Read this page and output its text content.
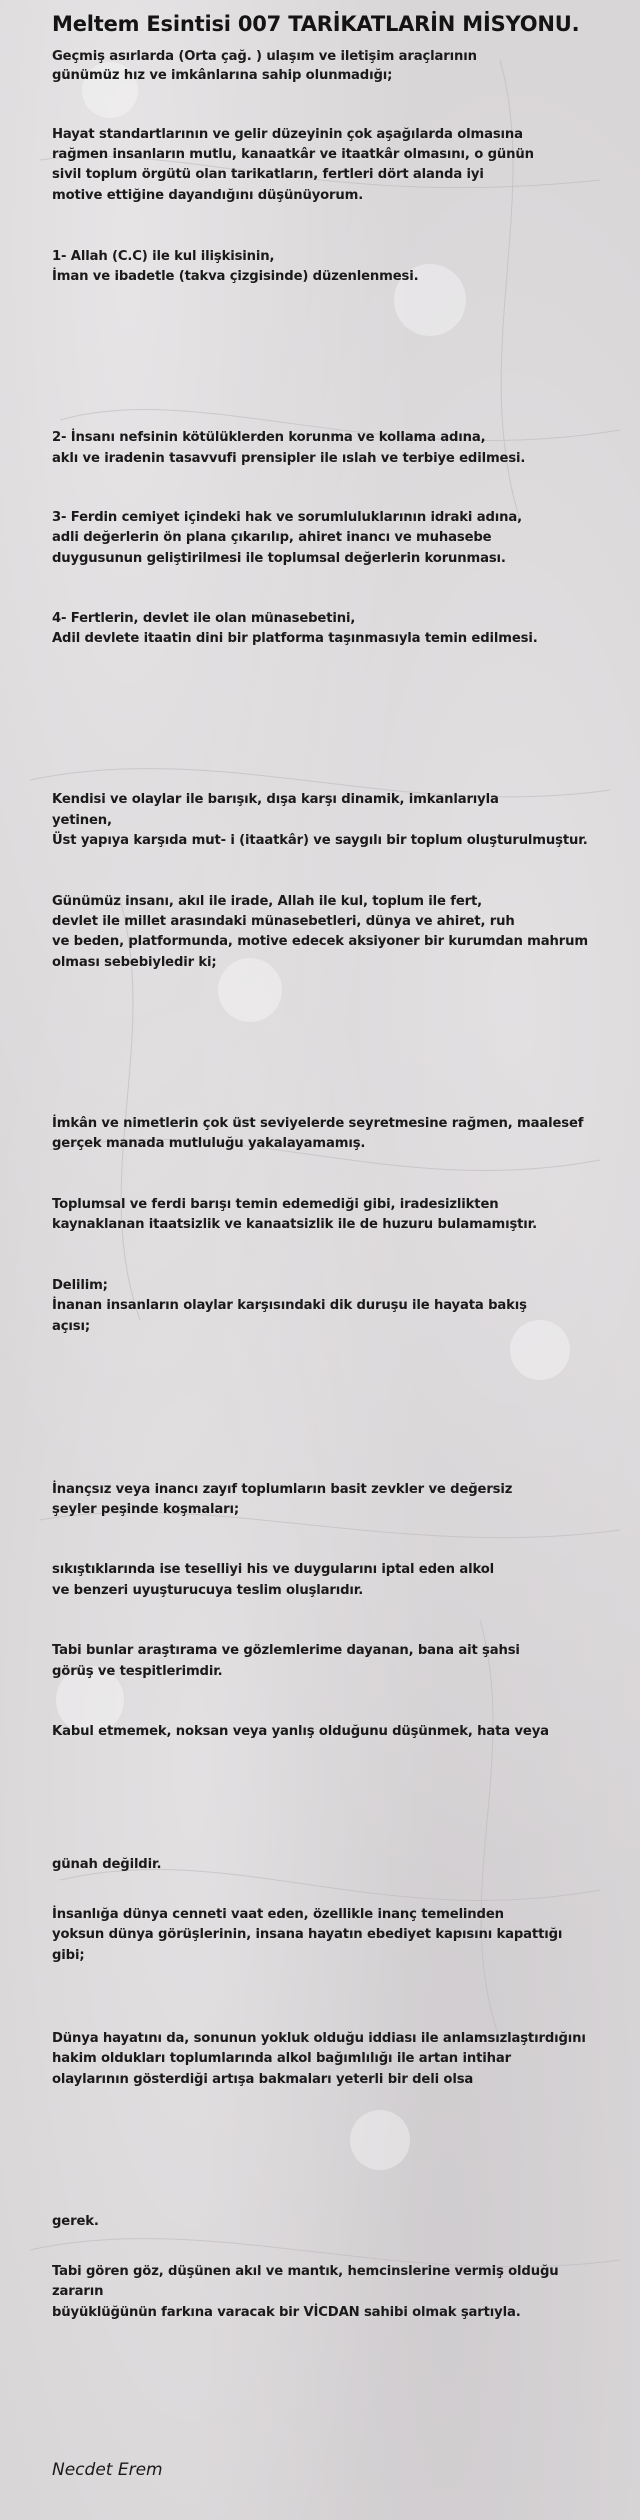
Meltem Esintisi 007 TARİKATLARİN MİSYONU.
Geçmiş asırlarda (Orta çağ. ) ulaşım ve iletişim araçlarının
günümüz hız ve imkânlarına sahip olunmadığı;
Hayat standartlarının ve gelir düzeyinin çok aşağılarda olmasına
rağmen insanların mutlu, kanaatkâr ve itaatkâr olmasını, o günün
sivil toplum örgütü olan tarikatların, fertleri dört alanda iyi
motive ettiğine dayandığını düşünüyorum.
1- Allah (C.C) ile kul ilişkisinin,
İman ve ibadetle (takva çizgisinde) düzenlenmesi.
2- İnsanı nefsinin kötülüklerden korunma ve kollama adına,
aklı ve iradenin tasavvufi prensipler ile ıslah ve terbiye edilmesi.
3- Ferdin cemiyet içindeki hak ve sorumluluklarının idraki adına,
adli değerlerin ön plana çıkarılıp, ahiret inancı ve muhasebe
duygusunun geliştirilmesi ile toplumsal değerlerin korunması.
4- Fertlerin, devlet ile olan münasebetini,
Adil devlete itaatin dini bir platforma taşınmasıyla temin edilmesi.
Kendisi ve olaylar ile barışık, dışa karşı dinamik, imkanlarıyla
yetinen,
Üst yapıya karşıda mut- i (itaatkâr) ve saygılı bir toplum oluşturulmuştur.
Günümüz insanı, akıl ile irade, Allah ile kul, toplum ile fert,
devlet ile millet arasındaki münasebetleri, dünya ve ahiret, ruh
ve beden, platformunda, motive edecek aksiyoner bir kurumdan mahrum
olması sebebiyledir ki;
İmkân ve nimetlerin çok üst seviyelerde seyretmesine rağmen, maalesef
gerçek manada mutluluğu yakalayamamış.
Toplumsal ve ferdi barışı temin edemediği gibi, iradesizlikten
kaynaklanan itaatsizlik ve kanaatsizlik ile de huzuru bulamamıştır.
Delilim;
İnanan insanların olaylar karşısındaki dik duruşu ile hayata bakış
açısı;
İnançsız veya inancı zayıf toplumların basit zevkler ve değersiz
şeyler peşinde koşmaları;
sıkıştıklarında ise teselliyi his ve duygularını iptal eden alkol
ve benzeri uyuşturucuya teslim oluşlarıdır.
Tabi bunlar araştırama ve gözlemlerime dayanan, bana ait şahsi
görüş ve tespitlerimdir.
Kabul etmemek, noksan veya yanlış olduğunu düşünmek, hata veya
günah değildir.
İnsanlığa dünya cenneti vaat eden, özellikle inanç temelinden
yoksun dünya görüşlerinin, insana hayatın ebediyet kapısını kapattığı
gibi;
Dünya hayatını da, sonunun yokluk olduğu iddiası ile anlamsızlaştırdığını
hakim oldukları toplumlarında alkol bağımlılığı ile artan intihar
olaylarının gösterdiği artışa bakmaları yeterli bir deli olsa
gerek.
Tabi gören göz, düşünen akıl ve mantık, hemcinslerine vermiş olduğu
zararın
büyüklüğünün farkına varacak bir VİCDAN sahibi olmak şartıyla.
Necdet Erem
